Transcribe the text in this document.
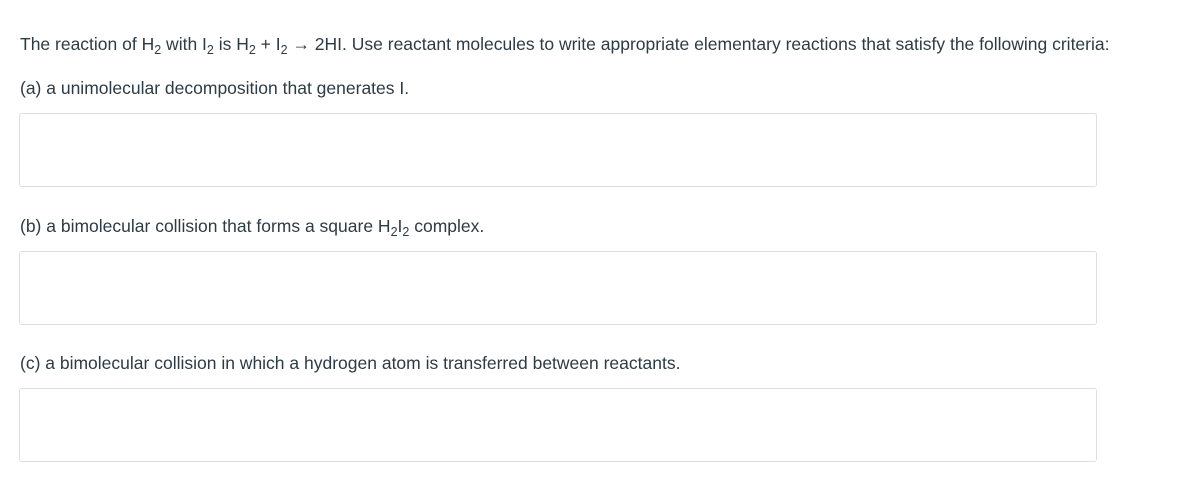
The reaction of $H_2$ with $I_2$ is $H_2 + I_2 \to 2HI$. Use reactant molecules to write appropriate elementary reactions that satisfy the following criteria:
(a) a unimolecular decomposition that generates I.
(b) a bimolecular collision that forms a square $H_2I_2$ complex.
(c) a bimolecular collision in which a hydrogen atom is transferred between reactants.
